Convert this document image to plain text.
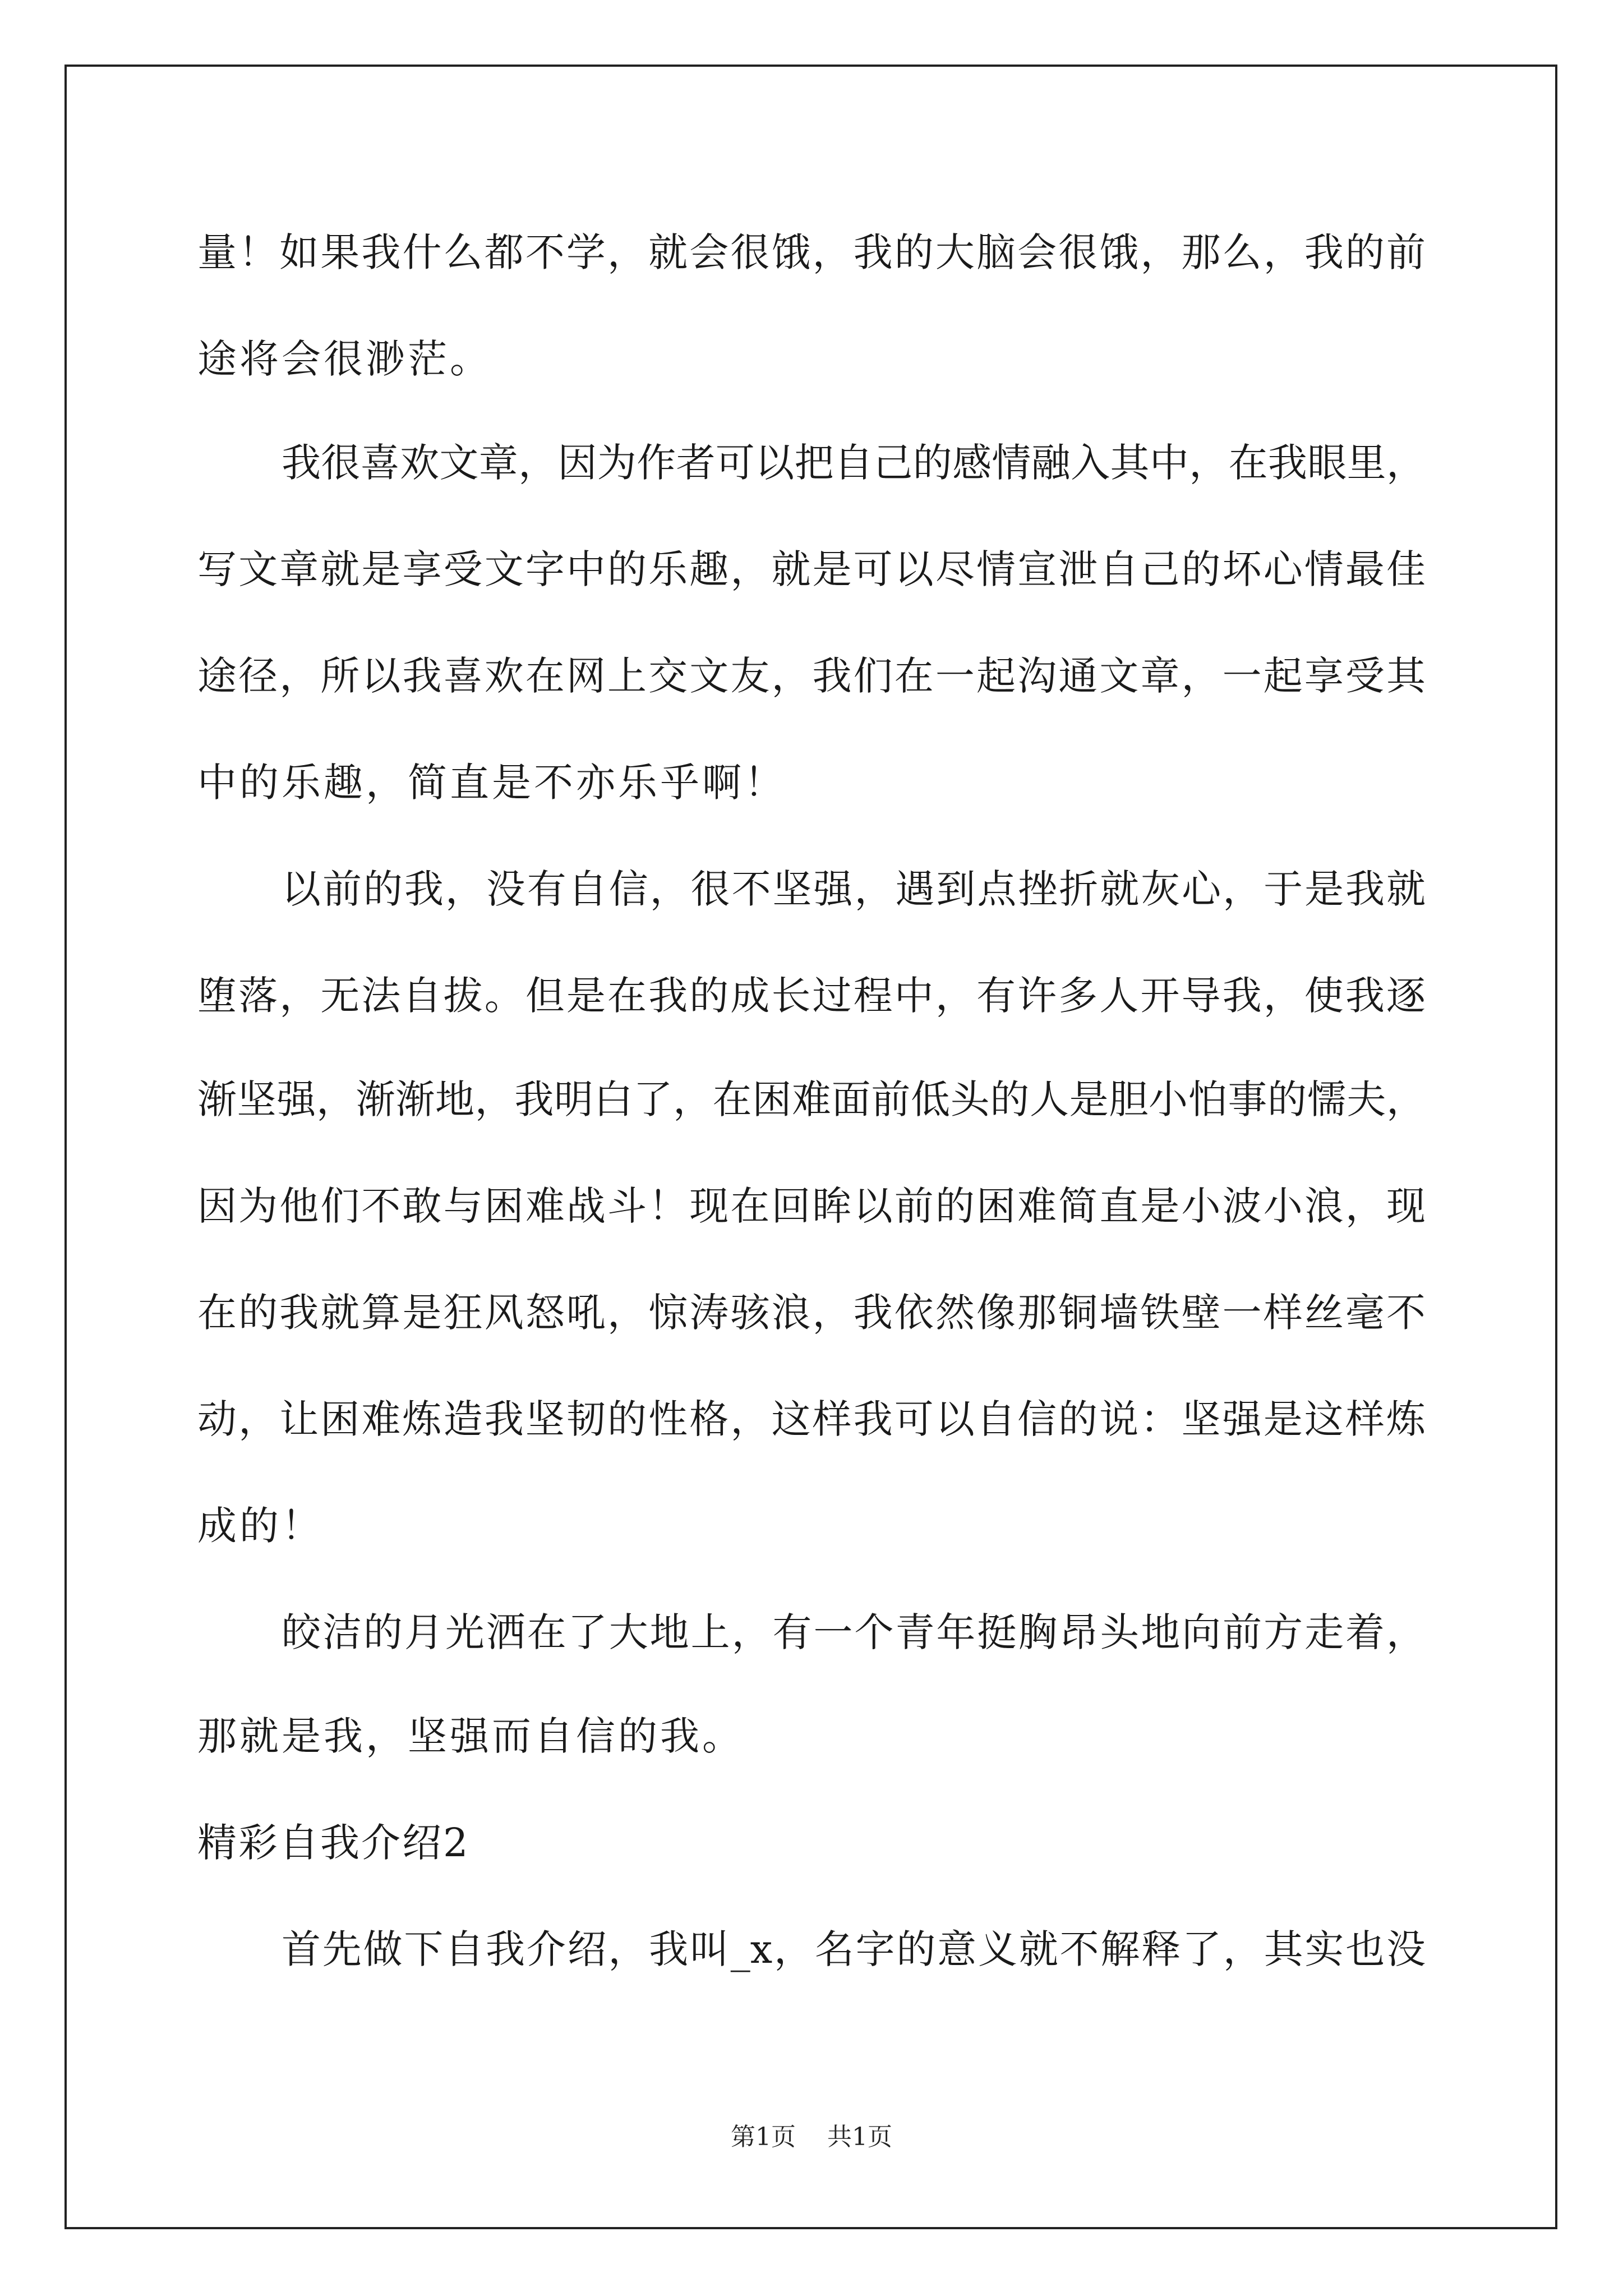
量！如果我什么都不学，就会很饿，我的大脑会很饿，那么，我的前
途将会很渺茫。
我很喜欢文章，因为作者可以把自己的感情融入其中，在我眼里，
写文章就是享受文字中的乐趣，就是可以尽情宣泄自己的坏心情最佳
途径，所以我喜欢在网上交文友，我们在一起沟通文章，一起享受其
中的乐趣，简直是不亦乐乎啊！
以前的我，没有自信，很不坚强，遇到点挫折就灰心，于是我就
堕落，无法自拔。但是在我的成长过程中，有许多人开导我，使我逐
渐坚强，渐渐地，我明白了，在困难面前低头的人是胆小怕事的懦夫，
因为他们不敢与困难战斗！现在回眸以前的困难简直是小波小浪，现
在的我就算是狂风怒吼，惊涛骇浪，我依然像那铜墙铁壁一样丝毫不
动，让困难炼造我坚韧的性格，这样我可以自信的说：坚强是这样炼
成的！
皎洁的月光洒在了大地上，有一个青年挺胸昂头地向前方走着，
那就是我，坚强而自信的我。
精彩自我介绍2
首先做下自我介绍，我叫_x，名字的意义就不解释了，其实也没
第1页 共1页
